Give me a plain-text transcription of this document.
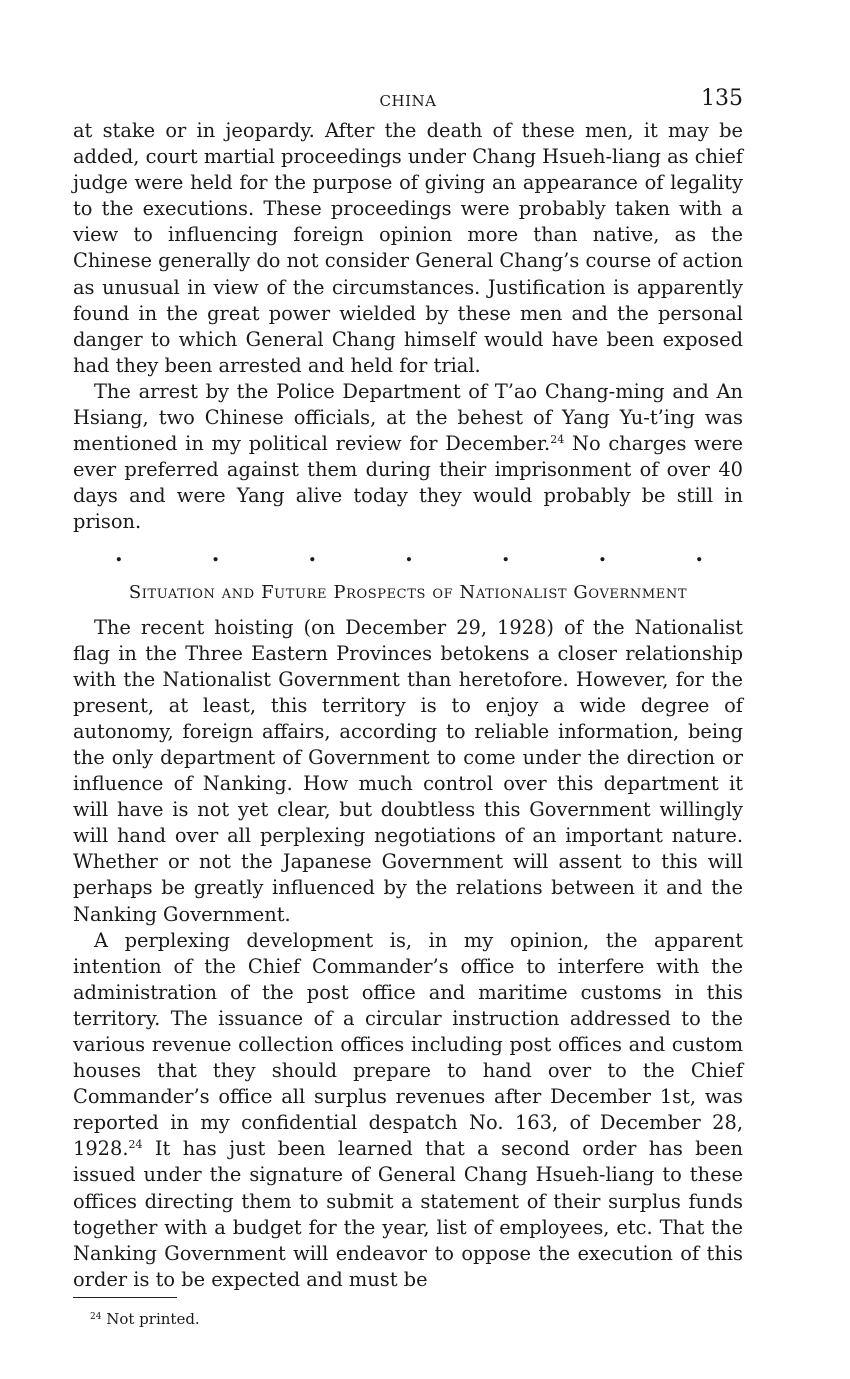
CHINA	135

at stake or in jeopardy. After the death of these men, it may be added, court martial proceedings under Chang Hsueh-liang as chief judge were held for the purpose of giving an appearance of legality to the executions. These proceedings were probably taken with a view to influencing foreign opinion more than native, as the Chinese generally do not consider General Chang’s course of action as unusual in view of the circumstances. Justification is apparently found in the great power wielded by these men and the personal danger to which General Chang himself would have been exposed had they been arrested and held for trial.

The arrest by the Police Department of T’ao Chang-ming and An Hsiang, two Chinese officials, at the behest of Yang Yu-t’ing was mentioned in my political review for December.$^{24}$ No charges were ever preferred against them during their imprisonment of over 40 days and were Yang alive today they would probably be still in prison.

.	.	.	.	.	.	.
Situation and Future Prospects of Nationalist Government

The recent hoisting (on December 29, 1928) of the Nationalist flag in the Three Eastern Provinces betokens a closer relationship with the Nationalist Government than heretofore. However, for the present, at least, this territory is to enjoy a wide degree of autonomy, foreign affairs, according to reliable information, being the only department of Government to come under the direction or influence of Nanking. How much control over this department it will have is not yet clear, but doubtless this Government willingly will hand over all perplexing negotiations of an important nature. Whether or not the Japanese Government will assent to this will perhaps be greatly influenced by the relations between it and the Nanking Government.

A perplexing development is, in my opinion, the apparent intention of the Chief Commander’s office to interfere with the administration of the post office and maritime customs in this territory. The issuance of a circular instruction addressed to the various revenue collection offices including post offices and custom houses that they should prepare to hand over to the Chief Commander’s office all surplus revenues after December 1st, was reported in my confidential despatch No. 163, of December 28, 1928.24 It has just been learned that a second order has been issued under the signature of General Chang Hsueh-liang to these offices directing them to submit a statement of their surplus funds together with a budget for the year, list of employees, etc. That the Nanking Government will endeavor to oppose the execution of this order is to be expected and must be

$^{24}$ Not printed.
